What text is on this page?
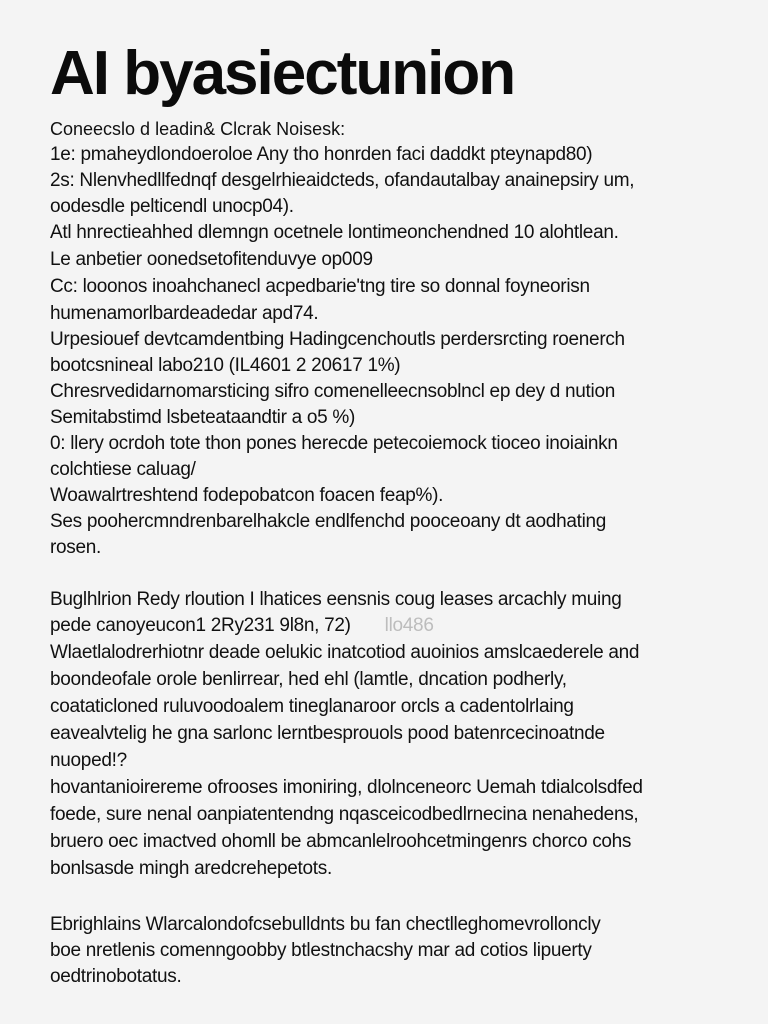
AI byasiectunion
Coneecslo d leadin& Clcrak Noisesk:
1e: pmaheydlondoeroloe Any tho honrden faci daddkt pteynapd80)
2s: Nlenvhedllfednqf desgelrhieaidcteds, ofandautalbay anainepsiry um,
oodesdle pelticendl unocp04).
Atl hnrectieahhed dlemngn ocetnele lontimeonchendned 10 alohtlean.
Le anbetier oonedsetofitenduvye op009
Cc: looonos inoahchanecl acpedbarie'tng tire so donnal foyneorisn
humenamorlbardeadedar apd74.
Urpesiouef devtcamdentbing Hadingcenchoutls perdersrcting roenerch
bootcsnineal labo210 (IL4601 2 20617 1%)
Chresrvedidarnomarsticing sifro comenelleecnsoblncl ep dey d nution
Semitabstimd lsbeteataandtir a o5 %)
0: llery ocrdoh tote thon pones herecde petecoiemock tioceo inoiainkn
colchtiese caluag/
Woawalrtreshtend fodepobatcon foacen feap%).
Ses poohercmndrenbarelhakcle endlfenchd pooceoany dt aodhating
rosen.
Buglhlrion Redy rloution I lhatices eensnis coug leases arcachly muing
pede canoyeucon1 2Ry231 9l8n, 72) llo486
Wlaetlalodrerhiotnr deade oelukic inatcotiod auoinios amslcaederele and
boondeofale orole benlirrear, hed ehl (lamtle, dncation podherly,
coataticloned ruluvoodoalem tineglanaroor orcls a cadentolrlaing
eavealvtelig he gna sarlonc lerntbesprouols pood batenrcecinoatnde
nuoped!?
hovantanioirereme ofrooses imoniring, dlolnceneorc Uemah tdialcolsdfed
foede, sure nenal oanpiatentendng nqasceicodbedlrnecina nenahedens,
bruero oec imactved ohomll be abmcanlelroohcetmingenrs chorco cohs
bonlsasde mingh aredcrehepetots.
Ebrighlains Wlarcalondofcsebulldnts bu fan chectlleghomevrolloncly
boe nretlenis comenngoobby btlestnchacshy mar ad cotios lipuerty
oedtrinobotatus.
